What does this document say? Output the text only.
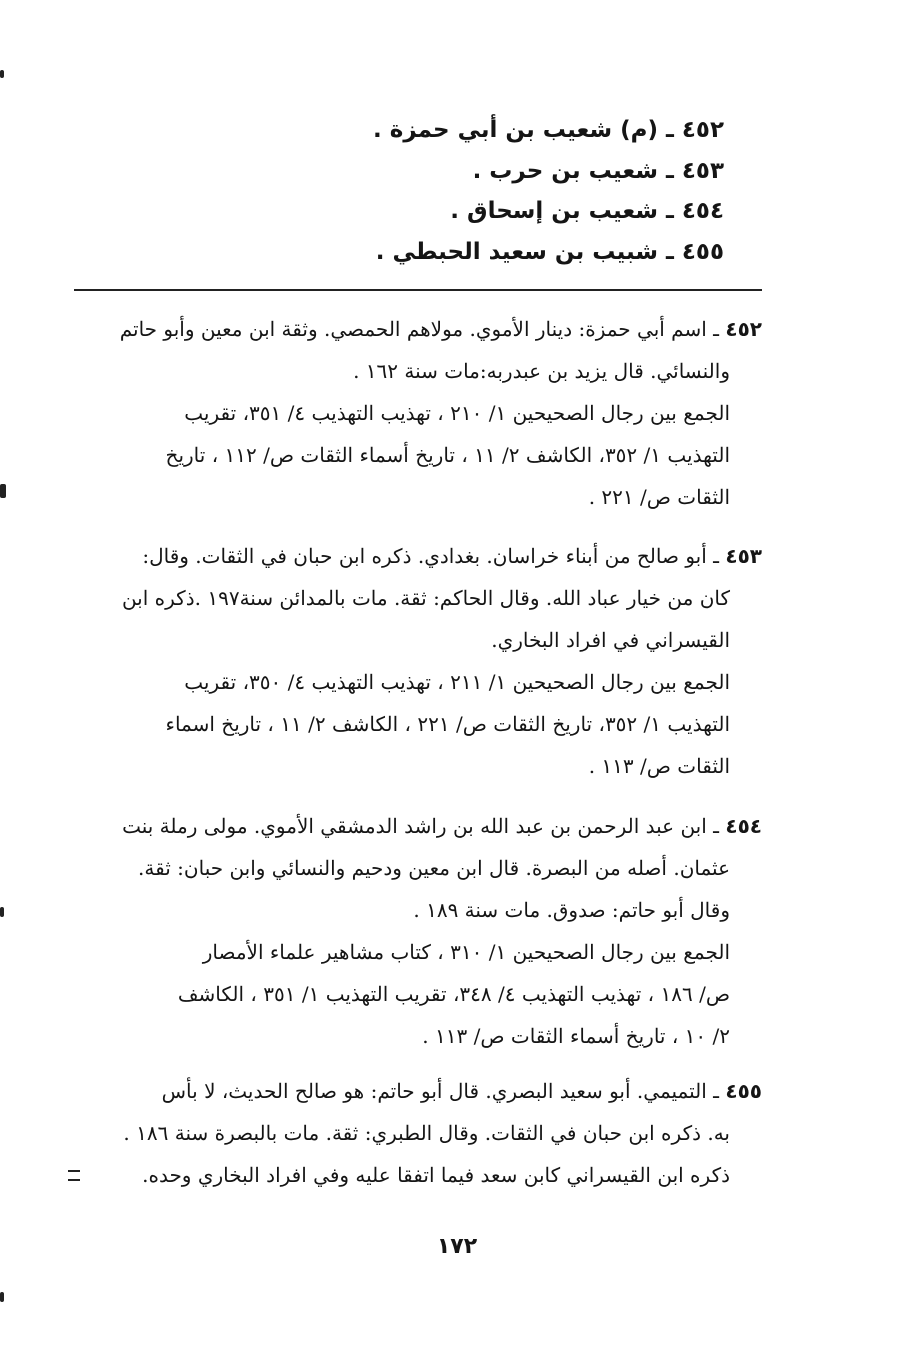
٤٥٢ ـ (م) شعيب بن أبي حمزة .
٤٥٣ ـ شعيب بن حرب .
٤٥٤ ـ شعيب بن إسحاق .
٤٥٥ ـ شبيب بن سعيد الحبطي .
٤٥٢ ـ اسم أبي حمزة: دينار الأموي. مولاهم الحمصي. وثقة ابن معين وأبو حاتم
والنسائي. قال يزيد بن عبدربه:مات سنة ١٦٢ .
الجمع بين رجال الصحيحين ١/ ٢١٠ ، تهذيب التهذيب ٤/ ٣٥١، تقريب
التهذيب ١/ ٣٥٢، الكاشف ٢/ ١١ ، تاريخ أسماء الثقات ص/ ١١٢ ، تاريخ
الثقات ص/ ٢٢١ .
٤٥٣ ـ أبو صالح من أبناء خراسان. بغدادي. ذكره ابن حبان في الثقات. وقال:
كان من خيار عباد الله. وقال الحاكم: ثقة. مات بالمدائن سنة١٩٧ .ذكره ابن
القيسراني في افراد البخاري.
الجمع بين رجال الصحيحين ١/ ٢١١ ، تهذيب التهذيب ٤/ ٣٥٠، تقريب
التهذيب ١/ ٣٥٢، تاريخ الثقات ص/ ٢٢١ ، الكاشف ٢/ ١١ ، تاريخ اسماء
الثقات ص/ ١١٣ .
٤٥٤ ـ ابن عبد الرحمن بن عبد الله بن راشد الدمشقي الأموي. مولى رملة بنت
عثمان. أصله من البصرة. قال ابن معين ودحيم والنسائي وابن حبان: ثقة.
وقال أبو حاتم: صدوق. مات سنة ١٨٩ .
الجمع بين رجال الصحيحين ١/ ٣١٠ ، كتاب مشاهير علماء الأمصار
ص/ ١٨٦ ، تهذيب التهذيب ٤/ ٣٤٨، تقريب التهذيب ١/ ٣٥١ ، الكاشف
٢/ ١٠ ، تاريخ أسماء الثقات ص/ ١١٣ .
٤٥٥ ـ التميمي. أبو سعيد البصري. قال أبو حاتم: هو صالح الحديث، لا بأس
به. ذكره ابن حبان في الثقات. وقال الطبري: ثقة. مات بالبصرة سنة ١٨٦ .
ذكره ابن القيسراني كابن سعد فيما اتفقا عليه وفي افراد البخاري وحده.
١٧٢
